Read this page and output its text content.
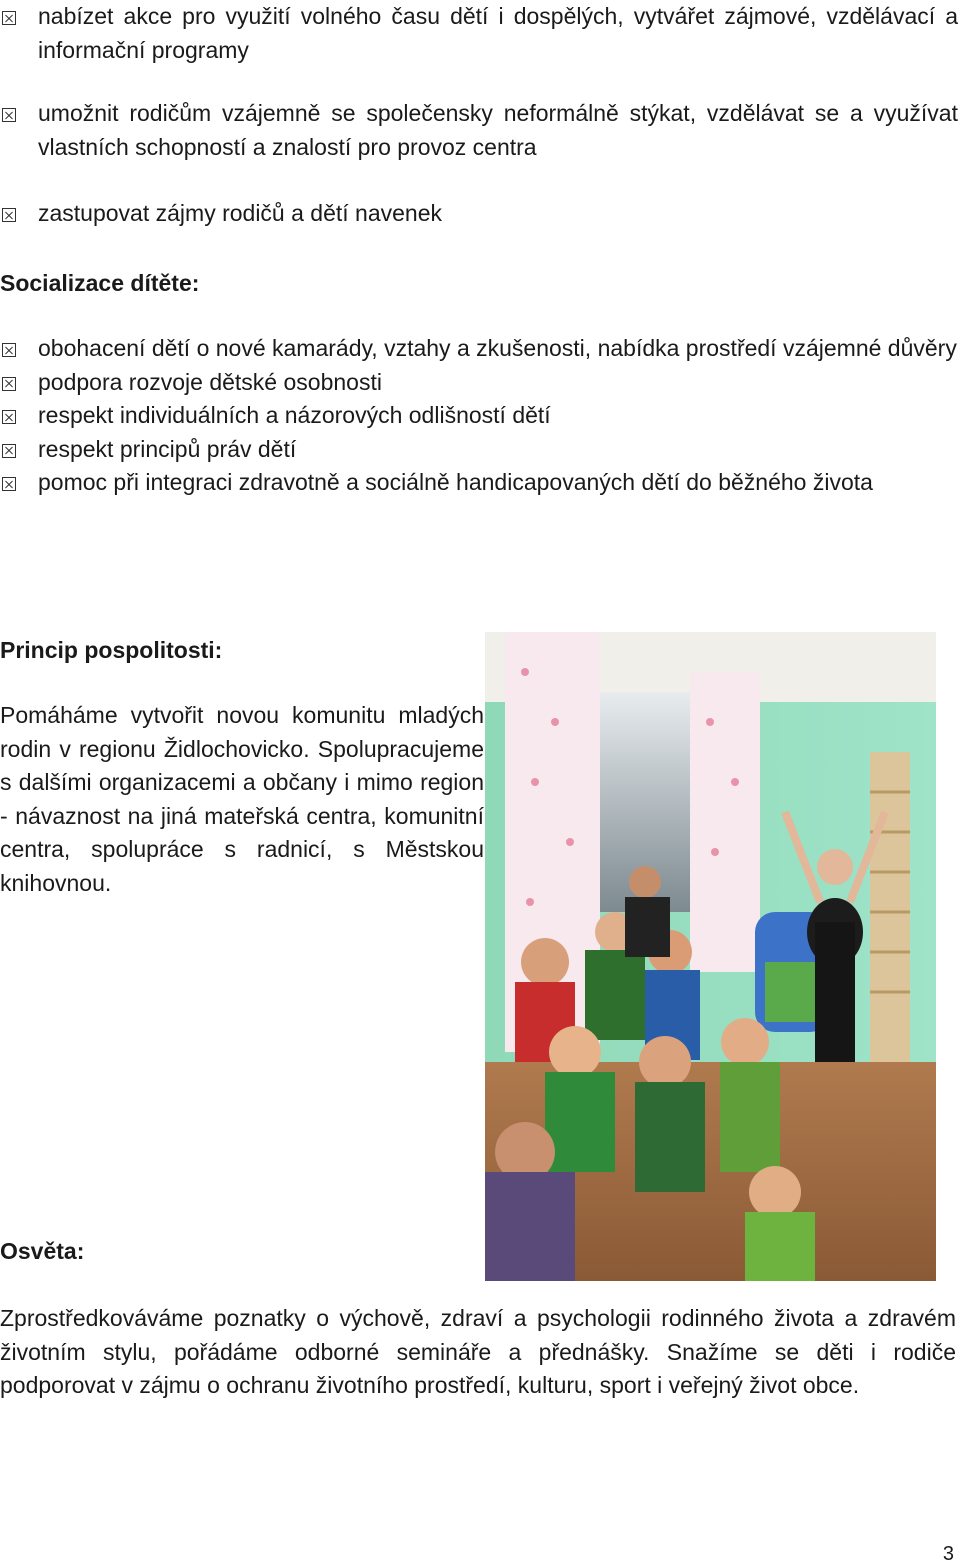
nabízet akce pro využití volného času dětí i dospělých, vytvářet zájmové, vzdělávací a informační programy
umožnit rodičům vzájemně se společensky neformálně stýkat, vzdělávat se a využívat vlastních schopností a znalostí pro provoz centra
zastupovat zájmy rodičů a dětí navenek
Socializace dítěte:
obohacení dětí o nové kamarády, vztahy a zkušenosti, nabídka prostředí vzájemné důvěry
podpora rozvoje dětské osobnosti
respekt individuálních a názorových odlišností dětí
respekt principů práv dětí
pomoc při integraci zdravotně a sociálně handicapovaných dětí do běžného života
Princip pospolitosti:

Pomáháme vytvořit novou komunitu mladých rodin v regionu Židlochovicko. Spolupracujeme s dalšími organizacemi a občany i mimo region - návaznost na jiná mateřská centra, komunitní centra, spolupráce s radnicí, s Městskou knihovnou.

Osvěta:

Zprostředkováváme poznatky o výchově, zdraví a psychologii rodinného života a zdravém životním stylu, pořádáme odborné semináře a přednášky. Snažíme se děti i rodiče podporovat v zájmu o ochranu životního prostředí, kulturu, sport i veřejný život obce.

3
